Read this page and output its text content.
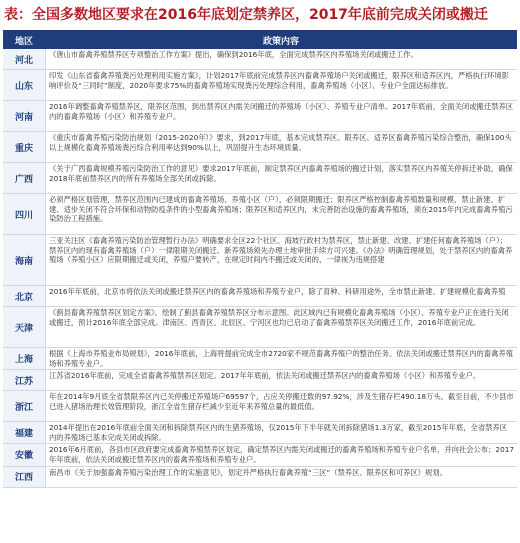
表：全国多数地区要求在2016年底划定禁养区，2017年底前完成关闭或搬迁
地区	政策内容
河北
《唐山市畜禽养殖禁养区专项整治工作方案》提出，确保到2016年底，全面完成禁养区内养殖场关闭或搬迁工作。
山东
印发《山东省畜禽养殖粪污处理利用实施方案》，计划2017年底前完成禁养区内畜禽养殖场户关闭或搬迁，限养区和适养区内，严格执行环境影响评价及“三同时”制度，2020年要求75%的畜禽养殖场实现粪污处理综合利用，畜禽养殖场（小区）、专业户全面达标排放。
河南
2016年调整畜禽养殖禁养区，限养区范围，到出禁养区内需关闭搬迁的养殖场（小区）、养殖专业户清单。2017年底前，全面关闭或搬迁禁养区内的畜禽养殖场（小区）和养殖专业户。
重庆
《重庆市畜禽养殖污染防治规划（2015-2020年）》要求，到2017年底，基本完成禁养区、限养区、适养区畜禽养殖污染综合整治，确保100头以上规模化畜禽养殖场粪污综合利用率达到90%以上，巩固提升生态环境质量。
广西
《关于广西畜禽规模养殖污染防治工作的意见》要求2017年底前，制定禁养区内畜禽养殖场的搬迁计划，落实禁养区内养殖关停拆迁补助，确保2018年底前禁养区内的所有养殖场全部关闭或拆除。
四川
必须严格区划管理，禁养区范围内已建成的畜禽养殖场、养殖小区（户），必须限期搬迁；限养区严格控制畜禽养殖数量和规模，禁止新建、扩建、适步关闭不符合环保和动物防疫条件的小型畜禽养殖场；限养区和适养区内，未完善防治设施的畜禽养殖场，须在2015年内完成畜禽养殖污染防治工程措施。
海南
三亚关注区《畜禽养殖污染防治管理暂行办法》明确要求全区22个社区、海坡行政村为禁养区，禁止新建、改建、扩建任何畜禽养殖场（户）；禁养区内的现有畜禽养殖场（户）一律限期关闭搬迁。新养殖场须先办理土地审批手续方可兴建。《办法》明确管理规划，处于禁养区内的畜禽养殖场（养殖小区）应限期搬迁或关闭，养殖户要转产，在规定时间内不搬迁或关闭的，一律视为违规搭建
北京
2016年年底前，北京市将依法关闭或搬迁禁养区内的畜禽养殖场和养殖专业户，除了育种、科研用途外，全市禁止新建、扩建规模化畜禽养殖
天津
《蓟县畜禽养殖禁养区划定方案》，绘制了蓟县畜禽养殖禁养区分布示意图。此区域内已有规模化畜禽养殖场（小区）、养殖专业户正在进行关闭或搬迁，预计2016年底全部完成。津南区、西青区、北辰区、宁河区也均已启动了畜禽养殖禁养区关闭搬迁工作，2016年底前完成。
上海
根据《上海市养殖业布局规划》，2016年底前，上海将提前完成全市2720家不规范畜禽养殖户的整治任务。依法关闭或搬迁禁养区内的畜禽养殖场和养殖专业户。
江苏
江苏省2016年底前，完成全省畜禽养殖禁养区划定。2017年年底前，依法关闭或搬迁禁养区内的畜禽养殖场（小区）和养殖专业户。
浙江
年在2014年9月底全省禁限养区内已关停搬迁养殖场户69597个，占应关停搬迁数的97.92%，涉及生猪存栏490.18万头。截至目前，不少县市已进入猪场治理长效管理阶段，浙江全省生猪存栏减少至近年来养殖总量的最低值。
福建
2014年提出在2016年底前全面关闭和拆除禁养区内的生猪养殖场，仅2015年下半年就关闭拆除猪场1.3万家，截至2015年年底，全省禁养区内的养殖场已基本完成关闭或拆除。
安徽
2016年6月底前，各县市区政府要完成畜禽养殖禁养区划定，确定禁养区内需关闭或搬迁的畜禽养殖场和养殖专业户名单，并向社会公布；2017年年底前，依法关闭或搬迁禁养区内的畜禽养殖场和养殖专业户。
江西
南昌市《关于加强畜禽养殖污染治理工作的实施意见》，划定并严格执行畜禽养殖“三区”（禁养区、限养区和可养区）规划。
